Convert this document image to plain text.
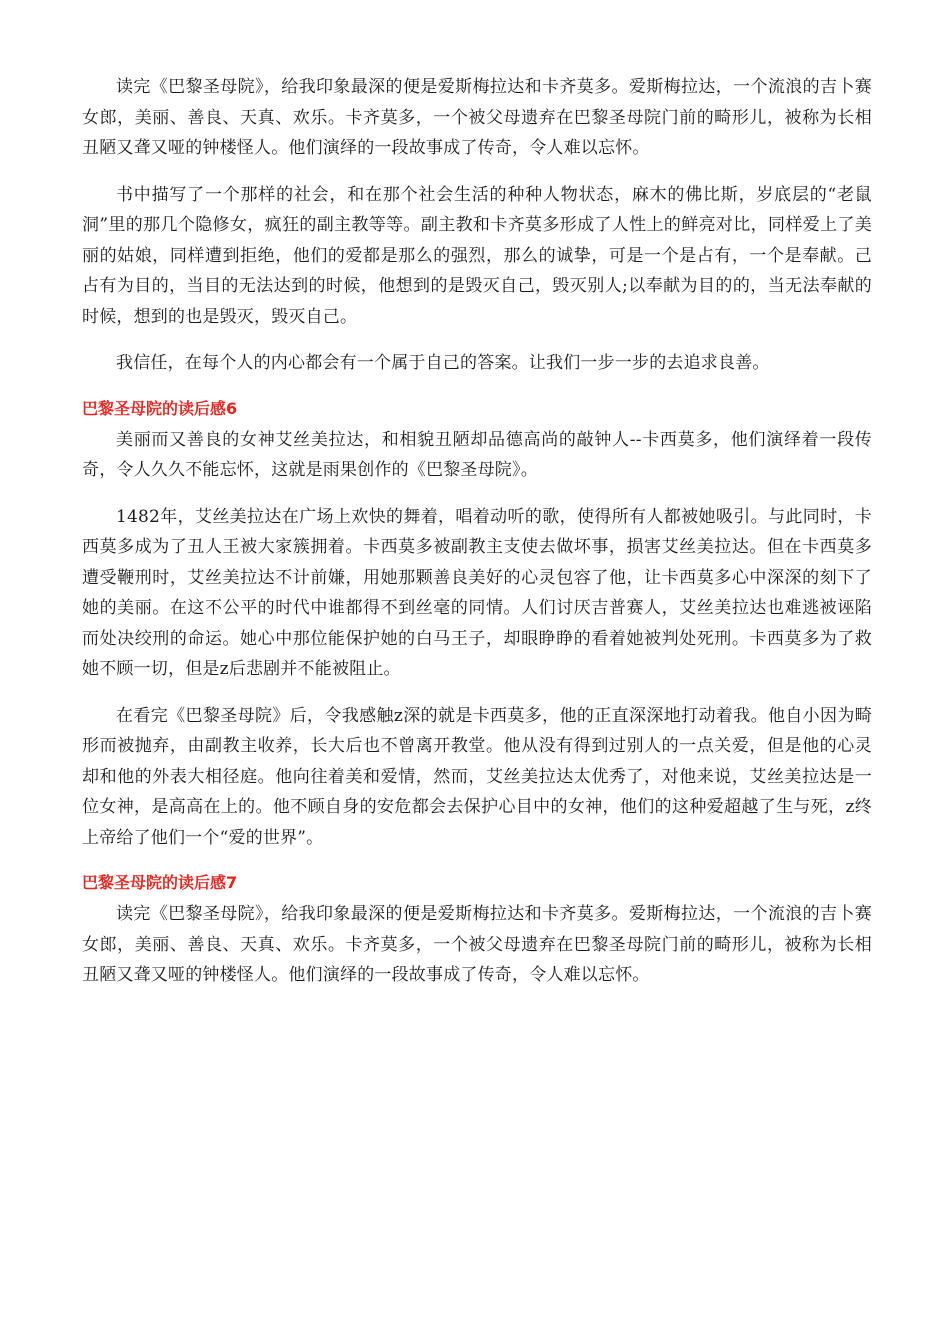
读完《巴黎圣母院》，给我印象最深的便是爱斯梅拉达和卡齐莫多。爱斯梅拉达，一个流浪的吉卜赛女郎，美丽、善良、天真、欢乐。卡齐莫多，一个被父母遗弃在巴黎圣母院门前的畸形儿，被称为长相丑陋又聋又哑的钟楼怪人。他们演绎的一段故事成了传奇，令人难以忘怀。

书中描写了一个那样的社会，和在那个社会生活的种种人物状态，麻木的佛比斯，岁底层的“老鼠洞”里的那几个隐修女，疯狂的副主教等等。副主教和卡齐莫多形成了人性上的鲜亮对比，同样爱上了美丽的姑娘，同样遭到拒绝，他们的爱都是那么的强烈，那么的诚挚，可是一个是占有，一个是奉献。己占有为目的，当目的无法达到的时候，他想到的是毁灭自己，毁灭别人;以奉献为目的的，当无法奉献的时候，想到的也是毁灭，毁灭自己。

我信任，在每个人的内心都会有一个属于自己的答案。让我们一步一步的去追求良善。

巴黎圣母院的读后感6

美丽而又善良的女神艾丝美拉达，和相貌丑陋却品德高尚的敲钟人--卡西莫多，他们演绎着一段传奇，令人久久不能忘怀，这就是雨果创作的《巴黎圣母院》。

1482年，艾丝美拉达在广场上欢快的舞着，唱着动听的歌，使得所有人都被她吸引。与此同时，卡西莫多成为了丑人王被大家簇拥着。卡西莫多被副教主支使去做坏事，损害艾丝美拉达。但在卡西莫多遭受鞭刑时，艾丝美拉达不计前嫌，用她那颗善良美好的心灵包容了他，让卡西莫多心中深深的刻下了她的美丽。在这不公平的时代中谁都得不到丝毫的同情。人们讨厌吉普赛人，艾丝美拉达也难逃被诬陷而处决绞刑的命运。她心中那位能保护她的白马王子，却眼睁睁的看着她被判处死刑。卡西莫多为了救她不顾一切，但是z后悲剧并不能被阻止。

在看完《巴黎圣母院》后，令我感触z深的就是卡西莫多，他的正直深深地打动着我。他自小因为畸形而被抛弃，由副教主收养，长大后也不曾离开教堂。他从没有得到过别人的一点关爱，但是他的心灵却和他的外表大相径庭。他向往着美和爱情，然而，艾丝美拉达太优秀了，对他来说，艾丝美拉达是一位女神，是高高在上的。他不顾自身的安危都会去保护心目中的女神，他们的这种爱超越了生与死，z终上帝给了他们一个“爱的世界”。

巴黎圣母院的读后感7

读完《巴黎圣母院》，给我印象最深的便是爱斯梅拉达和卡齐莫多。爱斯梅拉达，一个流浪的吉卜赛女郎，美丽、善良、天真、欢乐。卡齐莫多，一个被父母遗弃在巴黎圣母院门前的畸形儿，被称为长相丑陋又聋又哑的钟楼怪人。他们演绎的一段故事成了传奇，令人难以忘怀。
